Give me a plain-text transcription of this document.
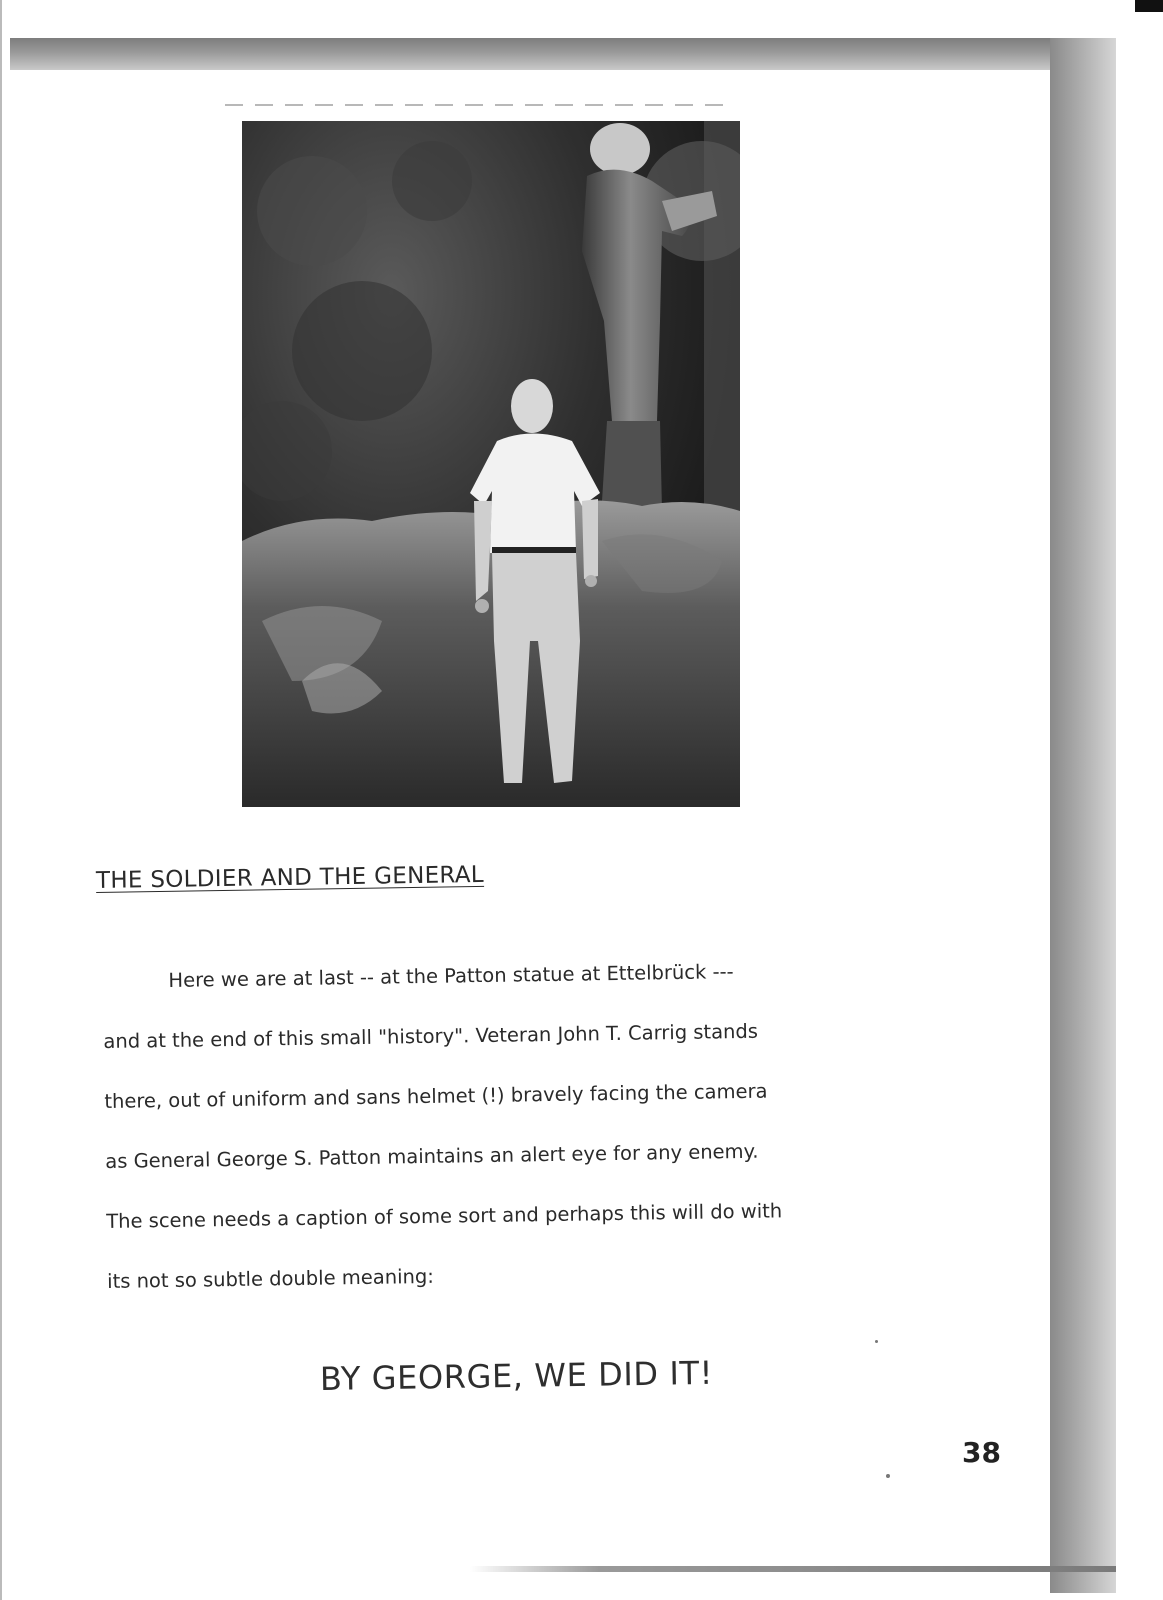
THE SOLDIER AND THE GENERAL
Here we are at last -- at the Patton statue at Ettelbrück ---
and at the end of this small "history". Veteran John T. Carrig stands
there, out of uniform and sans helmet (!) bravely facing the camera
as General George S. Patton maintains an alert eye for any enemy.
The scene needs a caption of some sort and perhaps this will do with
its not so subtle double meaning:
BY GEORGE, WE DID IT!
38
